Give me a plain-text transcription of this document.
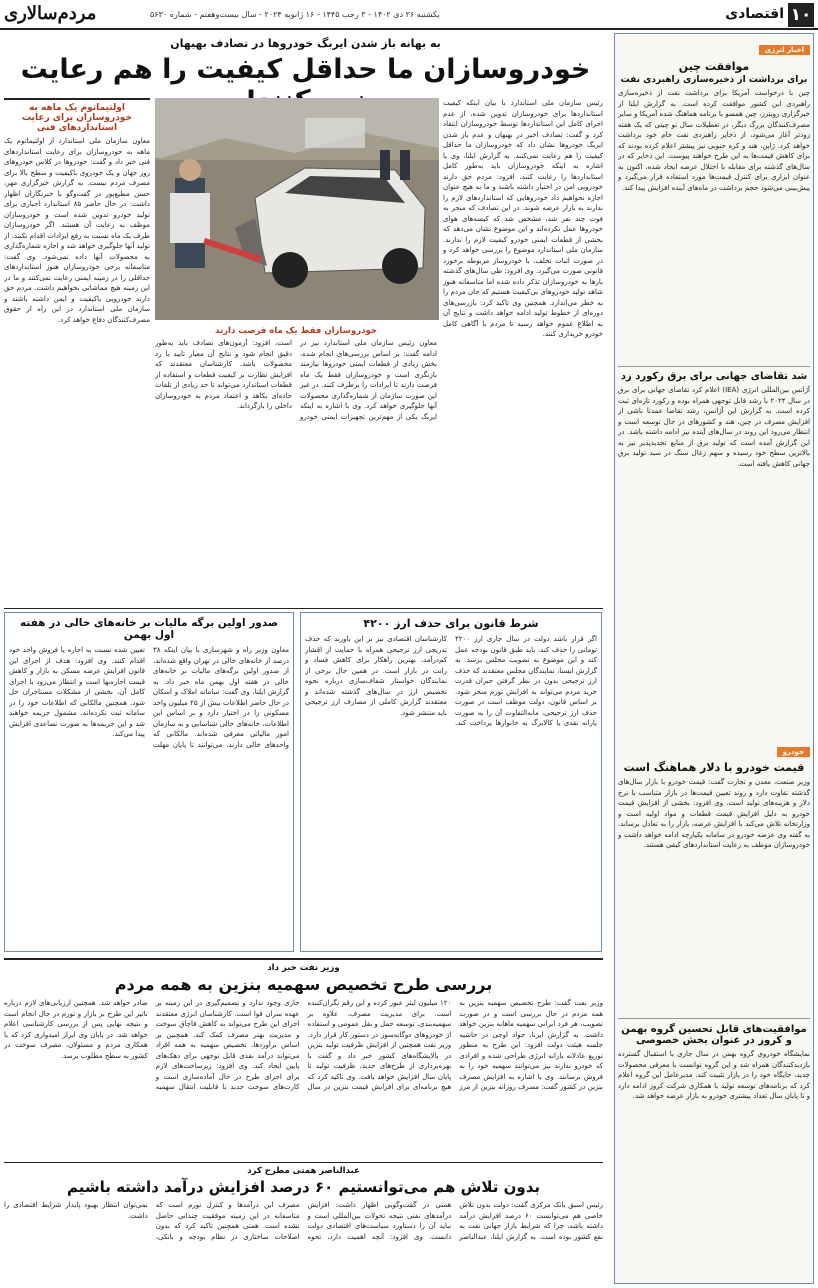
۱۰
اقتصادی
یکشنبه ۲۶ دی ۱۴۰۲ - ۳ رجب ۱۴۴۵ - ۱۶ ژانویه ۲۰۲۴ - سال بیست‌وهفتم - شماره ۵۶۳۰
مردم‌سالاری
اخبار انرژی
موافقت چین
برای برداشت از ذخیره‌سازی راهبردی نفت

چین با درخواست آمریکا برای برداشت نفت از ذخیره‌سازی راهبردی این کشور موافقت کرده است. به گزارش ایلنا از خبرگزاری رویترز، چین همسو با برنامه هماهنگ شده آمریکا و سایر مصرف‌کنندگان بزرگ دیگر، در تعطیلات سال نو چینی که یک هفته زودتر آغاز می‌شود، از ذخایر راهبردی نفت خام خود برداشت خواهد کرد. ژاپن، هند و کره جنوبی نیز پیشتر اعلام کرده بودند که برای کاهش قیمت‌ها به این طرح خواهند پیوست. این ذخایر که در سال‌های گذشته برای مقابله با اختلال عرضه ایجاد شده، اکنون به عنوان ابزاری برای کنترل قیمت‌ها مورد استفاده قرار می‌گیرد و پیش‌بینی می‌شود حجم برداشت در ماه‌های آینده افزایش پیدا کند.

شد تقاضای جهانی برای برق رکورد زد

آژانس بین‌المللی انرژی (IEA) اعلام کرد تقاضای جهانی برای برق در سال ۲۰۲۴ با رشد قابل توجهی همراه بوده و رکورد تازه‌ای ثبت کرده است. به گزارش این آژانس، رشد تقاضا عمدتا ناشی از افزایش مصرف در چین، هند و کشورهای در حال توسعه است و انتظار می‌رود این روند در سال‌های آینده نیز ادامه داشته باشد. در این گزارش آمده است که تولید برق از منابع تجدیدپذیر نیز به بالاترین سطح خود رسیده و سهم زغال سنگ در سبد تولید برق جهانی کاهش یافته است.

خودرو
قیمت خودرو با دلار هماهنگ است

وزیر صنعت، معدن و تجارت گفت: قیمت خودرو با بازار سال‌های گذشته تفاوت دارد و روند تعیین قیمت‌ها در بازار متناسب با نرخ دلار و هزینه‌های تولید است. وی افزود: بخشی از افزایش قیمت خودرو به دلیل افزایش قیمت قطعات و مواد اولیه است و وزارتخانه تلاش می‌کند با افزایش عرضه، بازار را به تعادل برساند. به گفته وی عرضه خودرو در سامانه یکپارچه ادامه خواهد داشت و خودروسازان موظف به رعایت استانداردهای کیفی هستند.

موافقیت‌های قابل تحسین گروه بهمن و کروز در عنوان بخش خصوصی

نمایشگاه خودروی گروه بهمن در سال جاری با استقبال گسترده بازدیدکنندگان همراه شد و این گروه توانست با معرفی محصولات جدید، جایگاه خود را در بازار تثبیت کند. مدیرعامل این گروه اعلام کرد که برنامه‌های توسعه تولید با همکاری شرکت کروز ادامه دارد و تا پایان سال تعداد بیشتری خودرو به بازار عرضه خواهد شد.

به بهانه باز شدن ایربگ خودروها در تصادف بهبهان
خودروسازان ما حداقل کیفیت را هم رعایت
اولتیماتوم یک ماهه به خودروسازان برای رعایت استانداردهای فنی

معاون سازمان ملی استاندارد از اولتیماتوم یک ماهه به خودروسازان برای رعایت استانداردهای فنی خبر داد و گفت: خودروها در کلاس خودروهای روز جهان و یک خودروی باکیفیت و سطح بالا برای مصرف مردم نیست. به گزارش خبرگزاری مهر، حسن مطیع‌پور در گفت‌وگو با خبرنگاران اظهار داشت: در حال حاضر ۸۵ استاندارد اجباری برای تولید خودرو تدوین شده است و خودروسازان موظف به رعایت آن هستند. اگر خودروسازان ظرف یک ماه نسبت به رفع ایرادات اقدام نکنند، از تولید آنها جلوگیری خواهد شد و اجازه شماره‌گذاری به محصولات آنها داده نمی‌شود. وی گفت: متاسفانه برخی خودروسازان هنوز استانداردهای حداقلی را در زمینه ایمنی رعایت نمی‌کنند و ما در این زمینه هیچ مماشاتی نخواهیم داشت. مردم حق دارند خودرویی باکیفیت و ایمن داشته باشند و سازمان ملی استاندارد در این راه از حقوق مصرف‌کنندگان دفاع خواهد کرد.

رئیس سازمان ملی استاندارد با بیان اینکه کیفیت استانداردها برای خودروسازان تدوین شده، از عدم اجرای کامل این استانداردها توسط خودروسازان انتقاد کرد و گفت: تصادف اخیر در بهبهان و عدم باز شدن ایربگ خودروها نشان داد که خودروسازان ما حداقل کیفیت را هم رعایت نمی‌کنند. به گزارش ایلنا، وی با اشاره به اینکه خودروسازان باید به‌طور کامل استانداردها را رعایت کنند، افزود: مردم حق دارند خودرویی امن در اختیار داشته باشند و ما به هیچ عنوان اجازه نخواهیم داد خودروهایی که استانداردهای لازم را ندارند به بازار عرضه شوند. در این تصادف که منجر به فوت چند نفر شد، مشخص شد که کیسه‌های هوای خودروها عمل نکرده‌اند و این موضوع نشان می‌دهد که بخشی از قطعات ایمنی خودرو کیفیت لازم را ندارند. سازمان ملی استاندارد موضوع را بررسی خواهد کرد و در صورت اثبات تخلف، با خودروساز مربوطه برخورد قانونی صورت می‌گیرد. وی افزود: طی سال‌های گذشته بارها به خودروسازان تذکر داده شده اما متاسفانه هنوز شاهد تولید خودروهای بی‌کیفیت هستیم که جان مردم را به خطر می‌اندازد. همچنین وی تاکید کرد: بازرسی‌های دوره‌ای از خطوط تولید ادامه خواهد داشت و نتایج آن به اطلاع عموم خواهد رسید تا مردم با آگاهی کامل خودرو خریداری کنند.

خودروسازان فقط یک ماه فرصت دارند

معاون رئیس سازمان ملی استاندارد نیز در ادامه گفت: بر اساس بررسی‌های انجام شده، بخش زیادی از قطعات ایمنی خودروها نیازمند بازنگری است و خودروسازان فقط یک ماه فرصت دارند تا ایرادات را برطرف کنند. در غیر این صورت سازمان از شماره‌گذاری محصولات آنها جلوگیری خواهد کرد. وی با اشاره به اینکه ایربگ یکی از مهم‌ترین تجهیزات ایمنی خودرو است، افزود: آزمون‌های تصادف باید به‌طور دقیق انجام شود و نتایج آن معیار تایید یا رد محصولات باشد. کارشناسان معتقدند که افزایش نظارت بر کیفیت قطعات و استفاده از قطعات استاندارد می‌تواند تا حد زیادی از تلفات جاده‌ای بکاهد و اعتماد مردم به خودروسازان داخلی را بازگرداند.

شرط قانون برای حذف ارز ۴۲۰۰

اگر قرار باشد دولت در سال جاری ارز ۴۲۰۰ تومانی را حذف کند، باید طبق قانون بودجه عمل کند و این موضوع به تصویب مجلس برسد. به گزارش ایسنا، نمایندگان مجلس معتقدند که حذف ارز ترجیحی بدون در نظر گرفتن جبران قدرت خرید مردم می‌تواند به افزایش تورم منجر شود. بر اساس قانون، دولت موظف است در صورت حذف ارز ترجیحی، مابه‌التفاوت آن را به صورت یارانه نقدی یا کالابرگ به خانوارها پرداخت کند. کارشناسان اقتصادی نیز بر این باورند که حذف تدریجی ارز ترجیحی همراه با حمایت از اقشار کم‌درآمد، بهترین راهکار برای کاهش فساد و رانت در بازار است. در همین حال برخی از نمایندگان خواستار شفاف‌سازی درباره نحوه تخصیص ارز در سال‌های گذشته شده‌اند و معتقدند گزارش کاملی از مصارف ارز ترجیحی باید منتشر شود.

صدور اولین برگه مالیات بر خانه‌های خالی در هفته اول بهمن

معاون وزیر راه و شهرسازی با بیان اینکه ۳۸ درصد از خانه‌های خالی در تهران واقع شده‌اند، از صدور اولین برگه‌های مالیات بر خانه‌های خالی در هفته اول بهمن ماه خبر داد. به گزارش ایلنا، وی گفت: سامانه املاک و اسکان در حال حاضر اطلاعات بیش از ۲۵ میلیون واحد مسکونی را در اختیار دارد و بر اساس این اطلاعات، خانه‌های خالی شناسایی و به سازمان امور مالیاتی معرفی شده‌اند. مالکانی که واحدهای خالی دارند، می‌توانند تا پایان مهلت تعیین شده نسبت به اجاره یا فروش واحد خود اقدام کنند. وی افزود: هدف از اجرای این قانون افزایش عرضه مسکن به بازار و کاهش قیمت اجاره‌بها است و انتظار می‌رود با اجرای کامل آن، بخشی از مشکلات مستاجران حل شود. همچنین مالکانی که اطلاعات خود را در سامانه ثبت نکرده‌اند، مشمول جریمه خواهند شد و این جریمه‌ها به صورت تصاعدی افزایش پیدا می‌کند.

وزیر نفت خبر داد
بررسی طرح تخصیص سهمیه بنزین به همه مردم

وزیر نفت گفت: طرح تخصیص سهمیه بنزین به همه مردم در حال بررسی است و در صورت تصویب، هر فرد ایرانی سهمیه ماهانه بنزین خواهد داشت. به گزارش ایرنا، جواد اوجی در حاشیه جلسه هیئت دولت افزود: این طرح به منظور توزیع عادلانه یارانه انرژی طراحی شده و افرادی که خودرو ندارند نیز می‌توانند سهمیه خود را به فروش برسانند. وی با اشاره به افزایش مصرف بنزین در کشور گفت: مصرف روزانه بنزین از مرز ۱۲۰ میلیون لیتر عبور کرده و این رقم نگران‌کننده است. برای مدیریت مصرف، علاوه بر سهمیه‌بندی، توسعه حمل و نقل عمومی و استفاده از خودروهای دوگانه‌سوز در دستور کار قرار دارد. وزیر نفت همچنین از افزایش ظرفیت تولید بنزین در پالایشگاه‌های کشور خبر داد و گفت با بهره‌برداری از طرح‌های جدید، ظرفیت تولید تا پایان سال افزایش خواهد یافت. وی تاکید کرد که هیچ برنامه‌ای برای افزایش قیمت بنزین در سال جاری وجود ندارد و تصمیم‌گیری در این زمینه بر عهده سران قوا است. کارشناسان انرژی معتقدند اجرای این طرح می‌تواند به کاهش قاچاق سوخت و مدیریت بهتر مصرف کمک کند. همچنین بر اساس برآوردها، تخصیص سهمیه به همه افراد می‌تواند درآمد نقدی قابل توجهی برای دهک‌های پایین ایجاد کند. وی افزود: زیرساخت‌های لازم برای اجرای طرح در حال آماده‌سازی است و کارت‌های سوخت جدید با قابلیت انتقال سهمیه صادر خواهد شد. همچنین ارزیابی‌های لازم درباره تاثیر این طرح بر بازار و تورم در حال انجام است و نتیجه نهایی پس از بررسی کارشناسی اعلام خواهد شد. در پایان وی ابراز امیدواری کرد که با همکاری مردم و مسئولان، مصرف سوخت در کشور به سطح مطلوب برسد.

عبدالناصر همتی مطرح کرد
بدون تلاش هم می‌توانستیم ۶۰ درصد افزایش درآمد داشته باشیم

رئیس اسبق بانک مرکزی گفت: دولت بدون تلاش خاصی هم می‌توانست ۶۰ درصد افزایش درآمد داشته باشد، چرا که شرایط بازار جهانی نفت به نفع کشور بوده است. به گزارش ایلنا، عبدالناصر همتی در گفت‌وگویی اظهار داشت: افزایش درآمدهای نفتی نتیجه تحولات بین‌المللی است و نباید آن را دستاورد سیاست‌های اقتصادی دولت دانست. وی افزود: آنچه اهمیت دارد، نحوه مصرف این درآمدها و کنترل تورم است که متاسفانه در این زمینه موفقیت چندانی حاصل نشده است. همتی همچنین تاکید کرد که بدون اصلاحات ساختاری در نظام بودجه و بانکی، نمی‌توان انتظار بهبود پایدار شرایط اقتصادی را داشت.
